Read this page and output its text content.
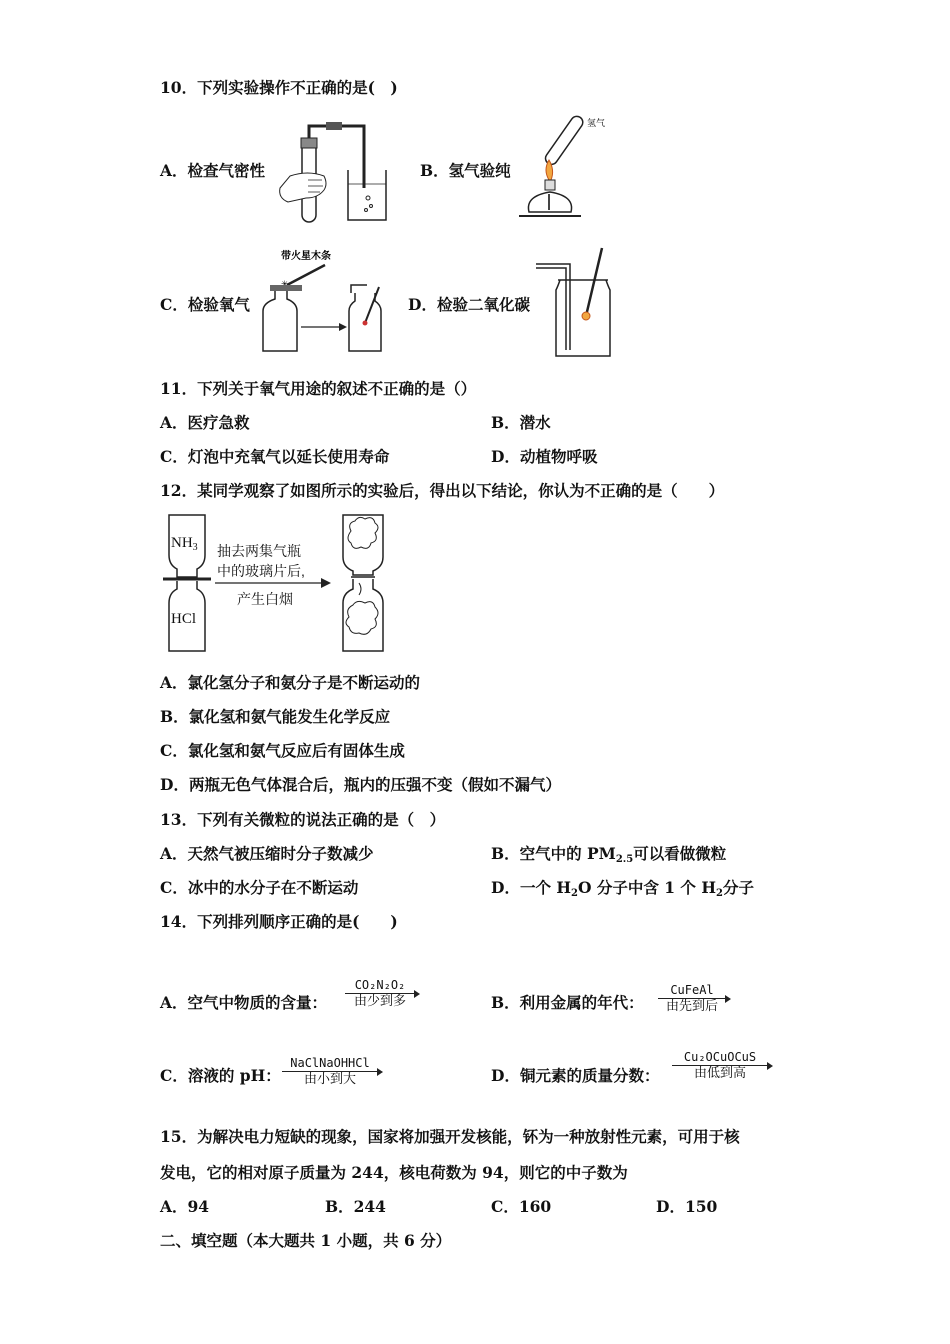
10．下列实验操作不正确的是(　)
A．检查气密性	B．氢气验纯
氢气
C．检验氧气
带火星木条
D．检验二氧化碳
11．下列关于氧气用途的叙述不正确的是（）
A．医疗急救	B．潜水
C．灯泡中充氧气以延长使用寿命	D．动植物呼吸
12．某同学观察了如图所示的实验后，得出以下结论，你认为不正确的是（　　）
$NH_3$
HCl
抽去两集气瓶
中的玻璃片后,
产生白烟
A．氯化氢分子和氨分子是不断运动的
B．氯化氢和氨气能发生化学反应
C．氯化氢和氨气反应后有固体生成
D．两瓶无色气体混合后，瓶内的压强不变（假如不漏气）
13．下列有关微粒的说法正确的是（　）
A．天然气被压缩时分子数减少	B．空气中的 $PM_{2.5}$可以看做微粒
C．冰中的水分子在不断运动	D．一个 $H_2O$ 分子中含 1 个 $H_2$分子
14．下列排列顺序正确的是(　　)
A．空气中物质的含量：
CO₂N₂O₂
由少到多	B．利用金属的年代：
CuFeAl
由先到后
C．溶液的 pH：
NaClNaOHHCl
由小到大	D．铜元素的质量分数：
Cu₂OCuOCuS
由低到高
15．为解决电力短缺的现象，国家将加强开发核能，钚为一种放射性元素，可用于核
发电，它的相对原子质量为 244，核电荷数为 94，则它的中子数为
A．94	B．244	C．160	D．150
二、填空题（本大题共 1 小题，共 6 分）
